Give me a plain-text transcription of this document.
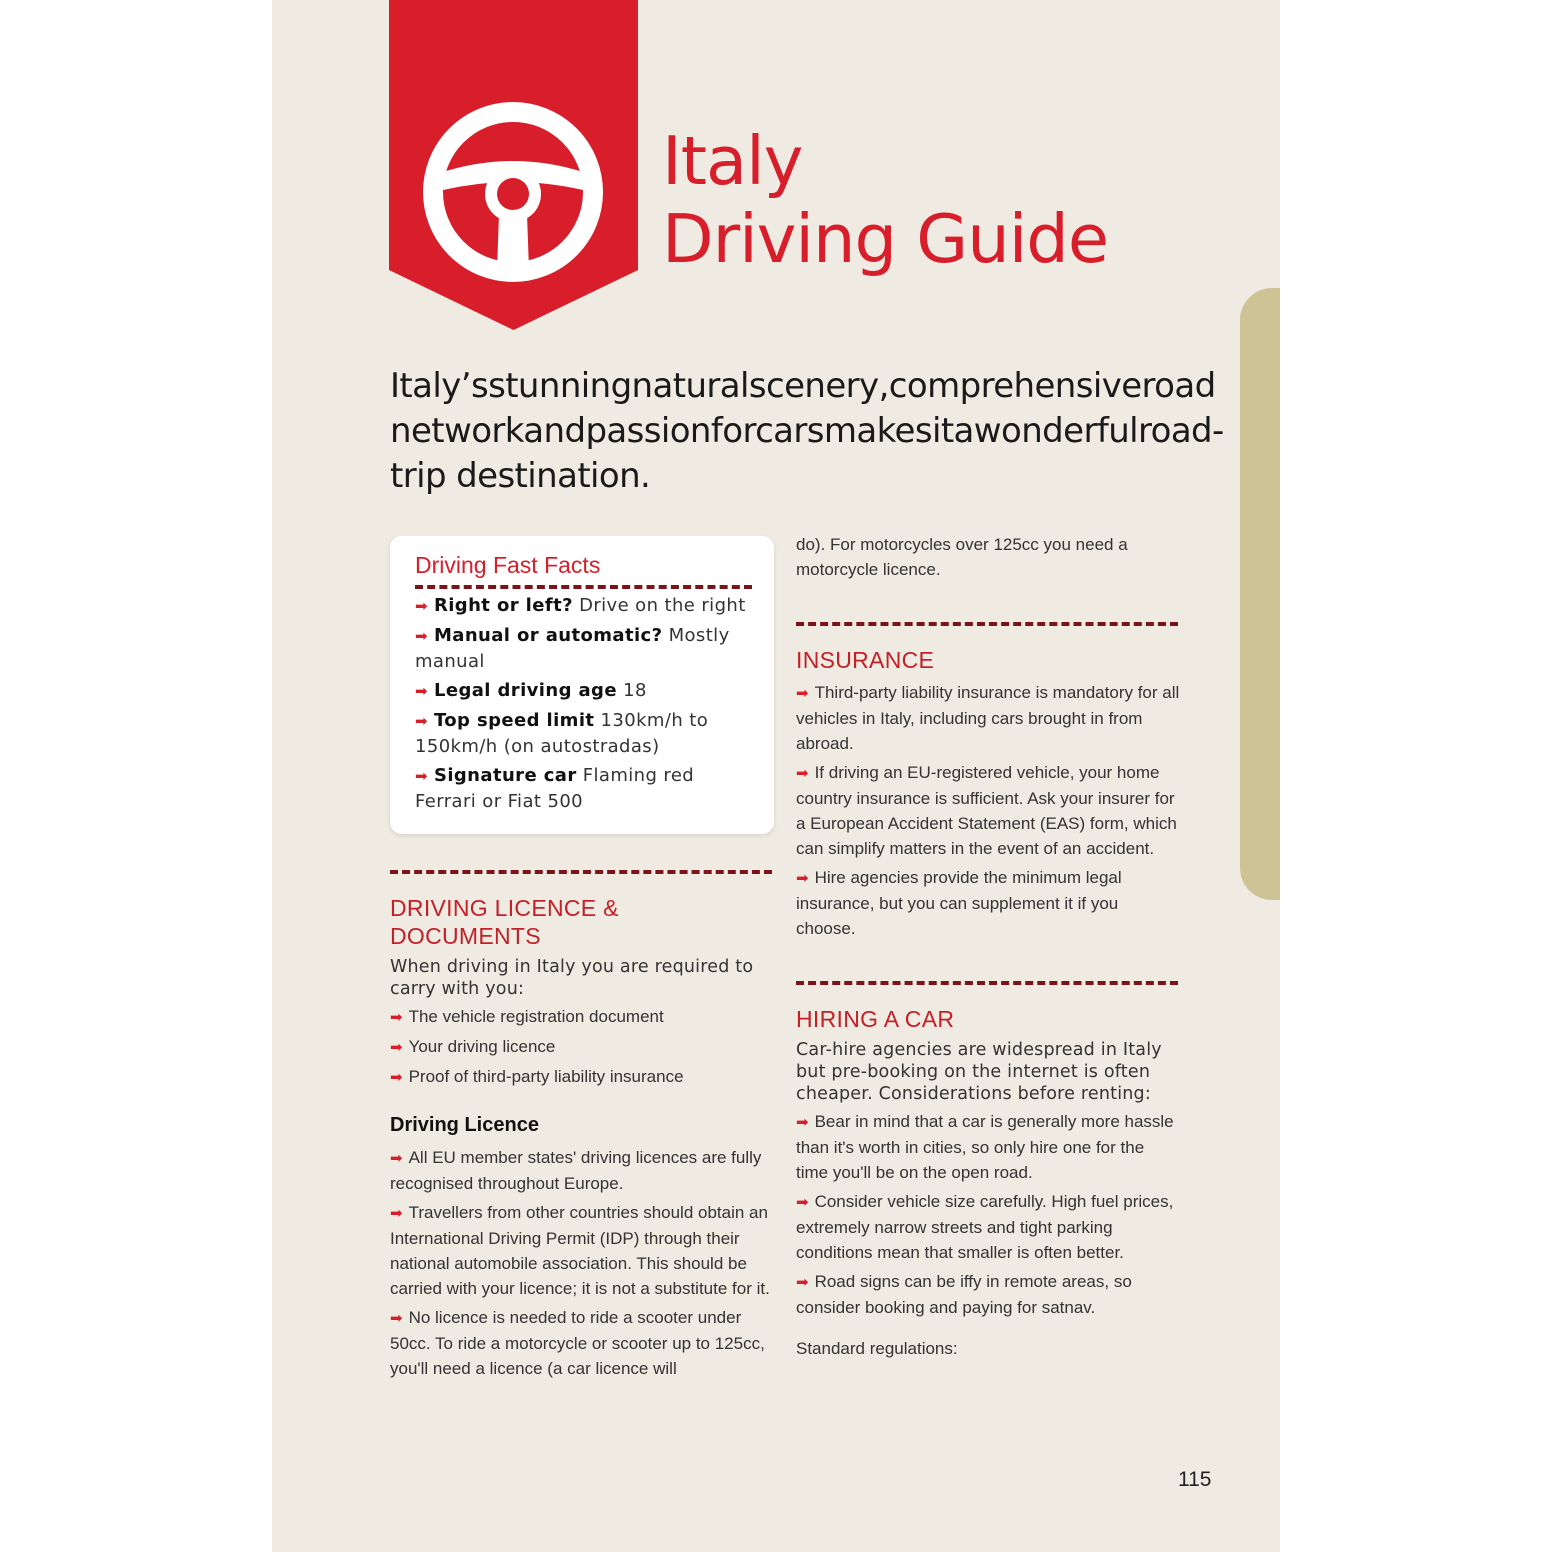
Italy
Driving Guide
Italy’sstunningnaturalscenery,comprehensiveroad networkandpassionforcarsmakesitawonderfulroad-trip destination.
Driving Fast Facts
➡ Right or left? Drive on the right
➡ Manual or automatic? Mostly manual
➡ Legal driving age 18
➡ Top speed limit 130km/h to 150km/h (on autostradas)
➡ Signature car Flaming red Ferrari or Fiat 500
DRIVING LICENCE & DOCUMENTS

When driving in Italy you are required to carry with you:

➡ The vehicle registration document

➡ Your driving licence

➡ Proof of third-party liability insurance

Driving Licence

➡ All EU member states' driving licences are fully recognised throughout Europe.

➡ Travellers from other countries should obtain an International Driving Permit (IDP) through their national automobile association. This should be carried with your licence; it is not a substitute for it.

➡ No licence is needed to ride a scooter under 50cc. To ride a motorcycle or scooter up to 125cc, you'll need a licence (a car licence will

do). For motorcycles over 125cc you need a motorcycle licence.

INSURANCE

➡ Third-party liability insurance is mandatory for all vehicles in Italy, including cars brought in from abroad.

➡ If driving an EU-registered vehicle, your home country insurance is sufficient. Ask your insurer for a European Accident Statement (EAS) form, which can simplify matters in the event of an accident.

➡ Hire agencies provide the minimum legal insurance, but you can supplement it if you choose.

HIRING A CAR

Car-hire agencies are widespread in Italy but pre-booking on the internet is often cheaper. Considerations before renting:

➡ Bear in mind that a car is generally more hassle than it's worth in cities, so only hire one for the time you'll be on the open road.

➡ Consider vehicle size carefully. High fuel prices, extremely narrow streets and tight parking conditions mean that smaller is often better.

➡ Road signs can be iffy in remote areas, so consider booking and paying for satnav.

Standard regulations:

115
